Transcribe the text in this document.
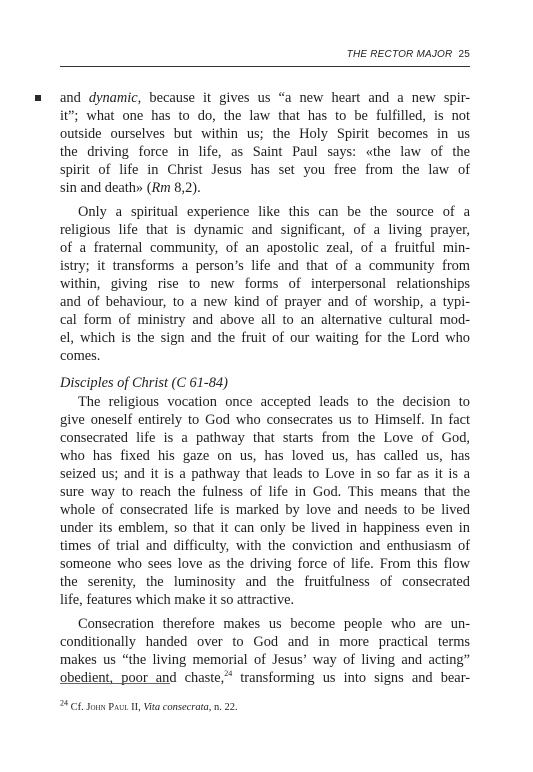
THE RECTOR MAJOR 25
and dynamic, because it gives us “a new heart and a new spir-
it”; what one has to do, the law that has to be fulfilled, is not
outside ourselves but within us; the Holy Spirit becomes in us
the driving force in life, as Saint Paul says: «the law of the
spirit of life in Christ Jesus has set you free from the law of
sin and death» (Rm 8,2).
Only a spiritual experience like this can be the source of a
religious life that is dynamic and significant, of a living prayer,
of a fraternal community, of an apostolic zeal, of a fruitful min-
istry; it transforms a person’s life and that of a community from
within, giving rise to new forms of interpersonal relationships
and of behaviour, to a new kind of prayer and of worship, a typi-
cal form of ministry and above all to an alternative cultural mod-
el, which is the sign and the fruit of our waiting for the Lord who
comes.
Disciples of Christ (C 61-84)
The religious vocation once accepted leads to the decision to
give oneself entirely to God who consecrates us to Himself. In fact
consecrated life is a pathway that starts from the Love of God,
who has fixed his gaze on us, has loved us, has called us, has
seized us; and it is a pathway that leads to Love in so far as it is a
sure way to reach the fulness of life in God. This means that the
whole of consecrated life is marked by love and needs to be lived
under its emblem, so that it can only be lived in happiness even in
times of trial and difficulty, with the conviction and enthusiasm of
someone who sees love as the driving force of life. From this flow
the serenity, the luminosity and the fruitfulness of consecrated
life, features which make it so attractive.
Consecration therefore makes us become people who are un-
conditionally handed over to God and in more practical terms
makes us “the living memorial of Jesus’ way of living and acting”
obedient, poor and chaste,$^{24}$ transforming us into signs and bear-
$^{24}$ Cf. John Paul II, Vita consecrata, n. 22.
